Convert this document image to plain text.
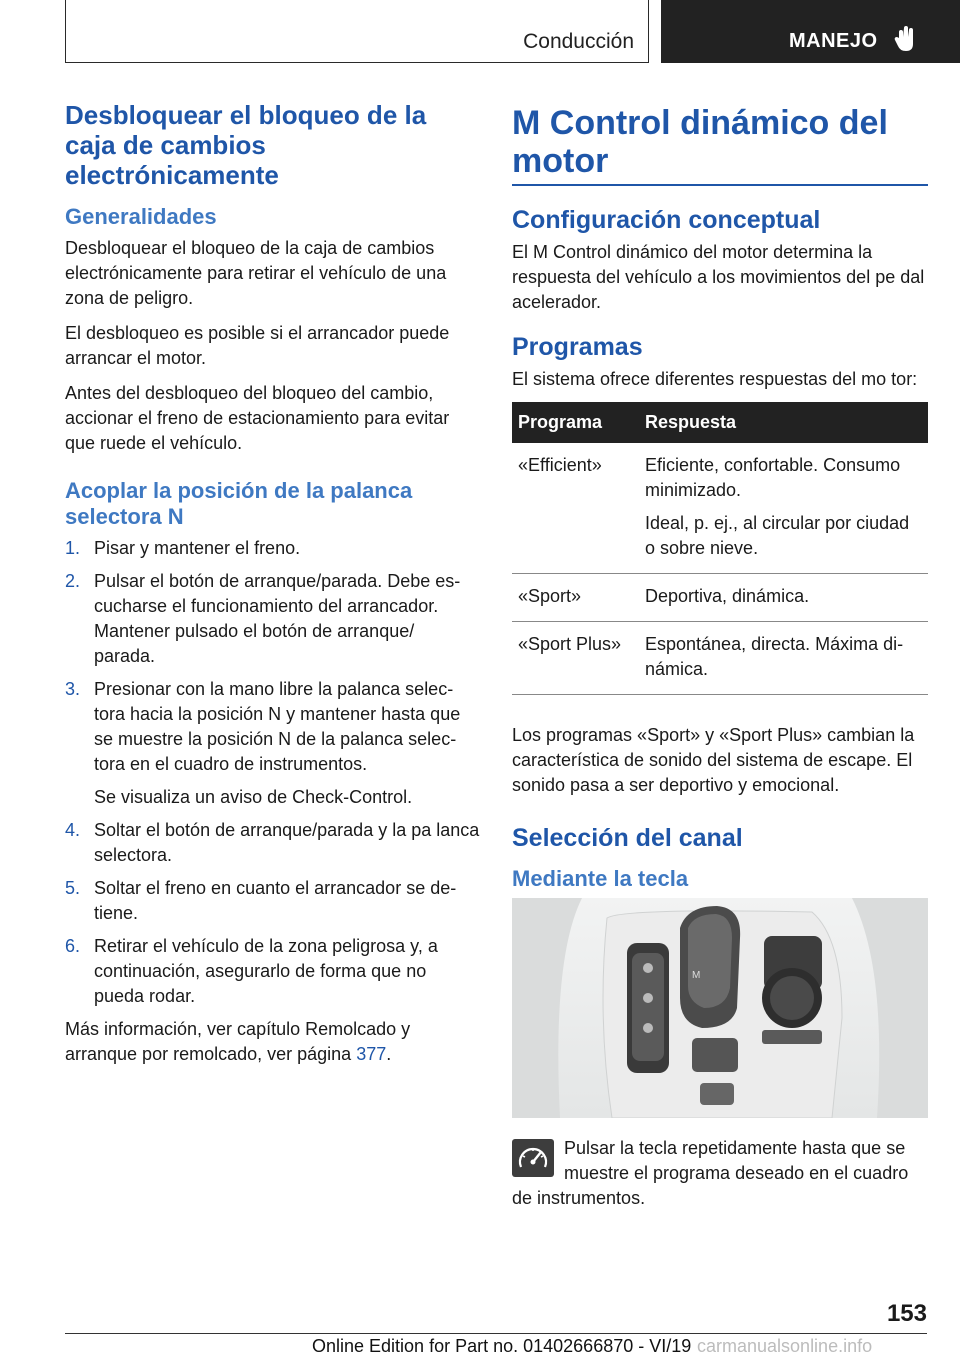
Conducción	MANEJO
Desbloquear el bloqueo de la caja de cambios electrónicamente
Generalidades

Desbloquear el bloqueo de la caja de cambios electrónicamente para retirar el vehículo de una zona de peligro.

El desbloqueo es posible si el arrancador puede arrancar el motor.

Antes del desbloqueo del bloqueo del cambio, accionar el freno de estacionamiento para evitar que ruede el vehículo.

Acoplar la posición de la palanca selectora N
1. Pisar y mantener el freno.
2. Pulsar el botón de arranque/parada. Debe es cucharse el funcionamiento del arrancador. Mantener pulsado el botón de arranque/ parada.
3. Presionar con la mano libre la palanca selec tora hacia la posición N y mantener hasta que se muestre la posición N de la palanca selec tora en el cuadro de instrumentos.
Se visualiza un aviso de Check-Control.
4. Soltar el botón de arranque/parada y la pa lanca selectora.
5. Soltar el freno en cuanto el arrancador se de tiene.
6. Retirar el vehículo de la zona peligrosa y, a continuación, asegurarlo de forma que no pueda rodar.

Más información, ver capítulo Remolcado y arranque por remolcado, ver página 377.

M Control dinámico del motor
Configuración conceptual

El M Control dinámico del motor determina la respuesta del vehículo a los movimientos del pe dal acelerador.

Programas

El sistema ofrece diferentes respuestas del mo tor:

Programa	Respuesta
«Efficient»	Eficiente, confortable. Consumo minimizado.
Ideal, p. ej., al circular por ciudad o sobre nieve.

«Sport»	Deportiva, dinámica.
«Sport Plus»	Espontánea, directa. Máxima di námica.

Los programas «Sport» y «Sport Plus» cambian la característica de sonido del sistema de escape. El sonido pasa a ser deportivo y emocional.

Selección del canal
Mediante la tecla
M

Pulsar la tecla repetidamente hasta que se muestre el programa deseado en el cuadro de instrumentos.

153
Online Edition for Part no. 01402666870 - VI/19 carmanualsonline.info
